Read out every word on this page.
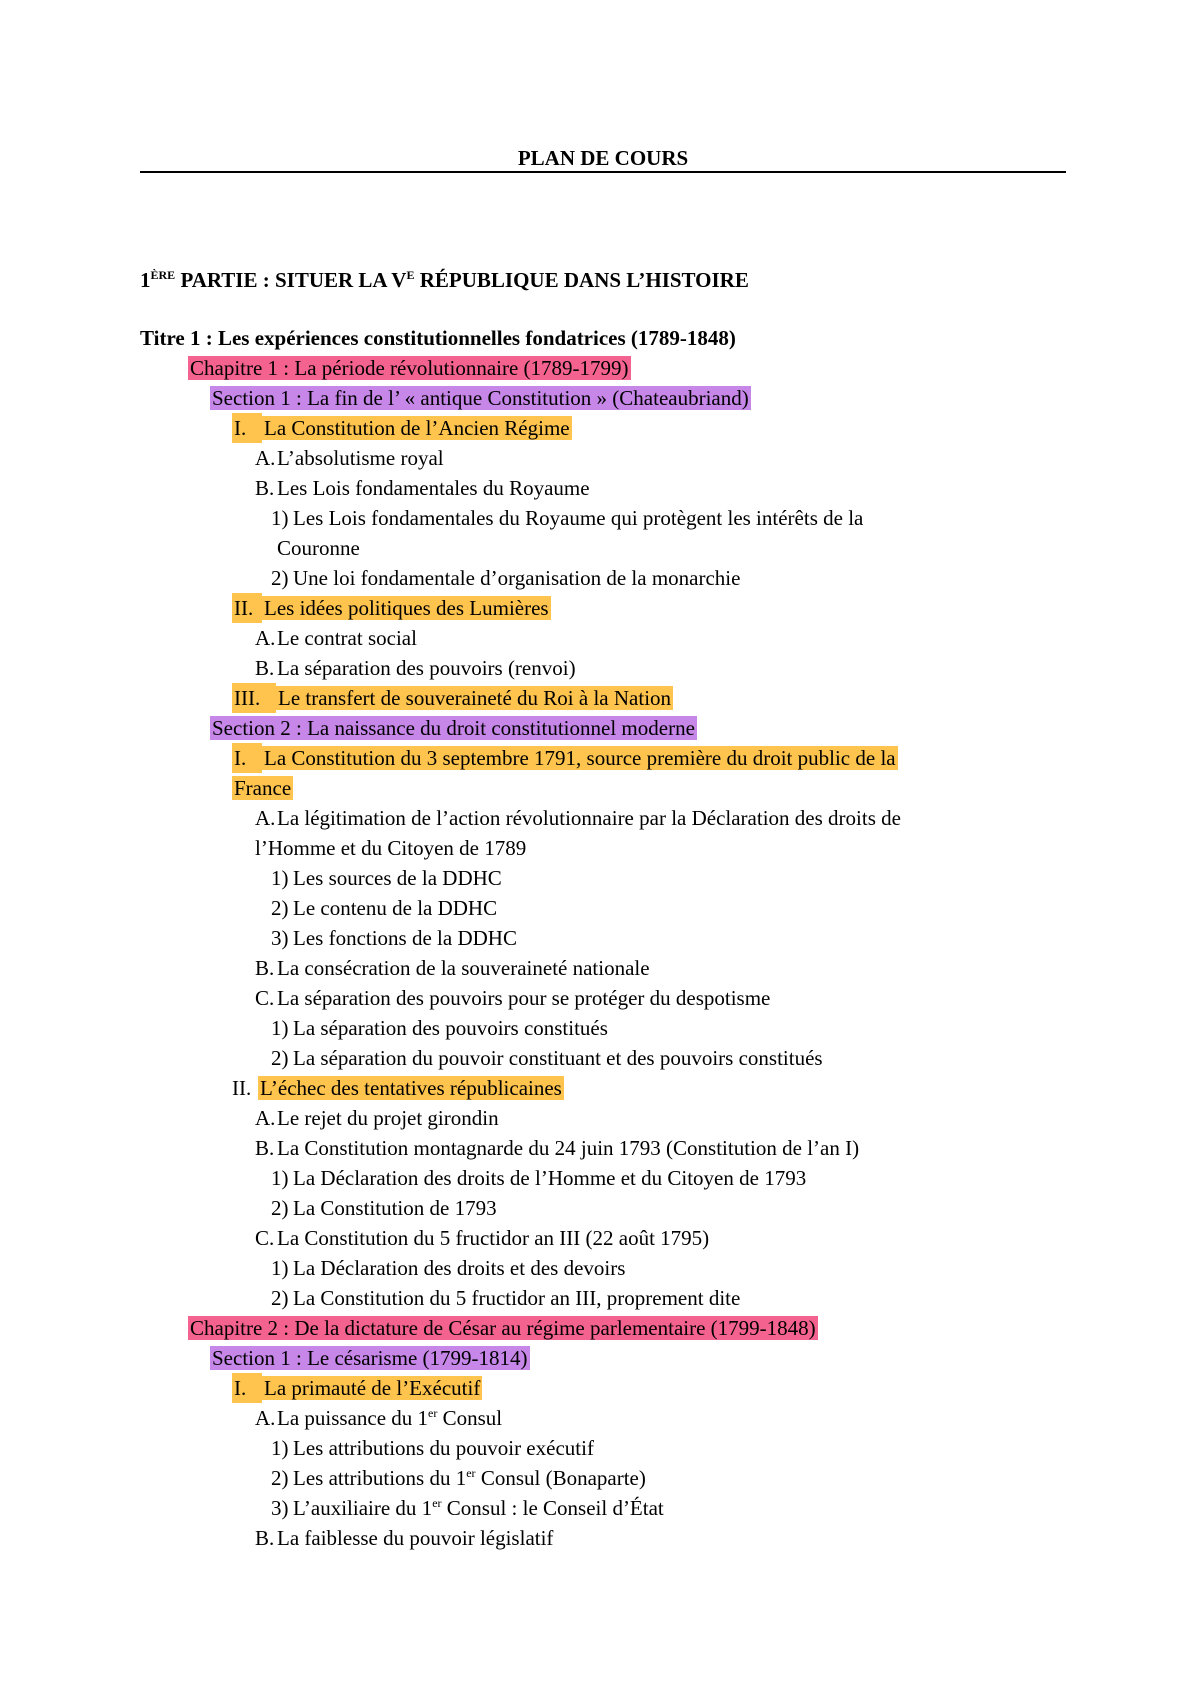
PLAN DE COURS
1ÈRE PARTIE : SITUER LA $V^E$ RÉPUBLIQUE DANS L’HISTOIRE
Titre 1 : Les expériences constitutionnelles fondatrices (1789-1848)
Chapitre 1 : La période révolutionnaire (1789-1799)
Section 1 : La fin de l’ « antique Constitution » (Chateaubriand)
I. La Constitution de l’Ancien Régime
A.L’absolutisme royal
B. Les Lois fondamentales du Royaume
1) Les Lois fondamentales du Royaume qui protègent les intérêts de la
Couronne
2) Une loi fondamentale d’organisation de la monarchie
II. Les idées politiques des Lumières
A.Le contrat social
B. La séparation des pouvoirs (renvoi)
III. Le transfert de souveraineté du Roi à la Nation
Section 2 : La naissance du droit constitutionnel moderne
I. La Constitution du 3 septembre 1791, source première du droit public de la
France
A.La légitimation de l’action révolutionnaire par la Déclaration des droits de
l’Homme et du Citoyen de 1789
1) Les sources de la DDHC
2) Le contenu de la DDHC
3) Les fonctions de la DDHC
B. La consécration de la souveraineté nationale
C. La séparation des pouvoirs pour se protéger du despotisme
1) La séparation des pouvoirs constitués
2) La séparation du pouvoir constituant et des pouvoirs constitués
II. L’échec des tentatives républicaines
A.Le rejet du projet girondin
B. La Constitution montagnarde du 24 juin 1793 (Constitution de l’an I)
1) La Déclaration des droits de l’Homme et du Citoyen de 1793
2) La Constitution de 1793
C. La Constitution du 5 fructidor an III (22 août 1795)
1) La Déclaration des droits et des devoirs
2) La Constitution du 5 fructidor an III, proprement dite
Chapitre 2 : De la dictature de César au régime parlementaire (1799-1848)
Section 1 : Le césarisme (1799-1814)
I. La primauté de l’Exécutif
A.La puissance du 1er Consul
1) Les attributions du pouvoir exécutif
2) Les attributions du 1er Consul (Bonaparte)
3) L’auxiliaire du 1er Consul : le Conseil d’État
B. La faiblesse du pouvoir législatif
